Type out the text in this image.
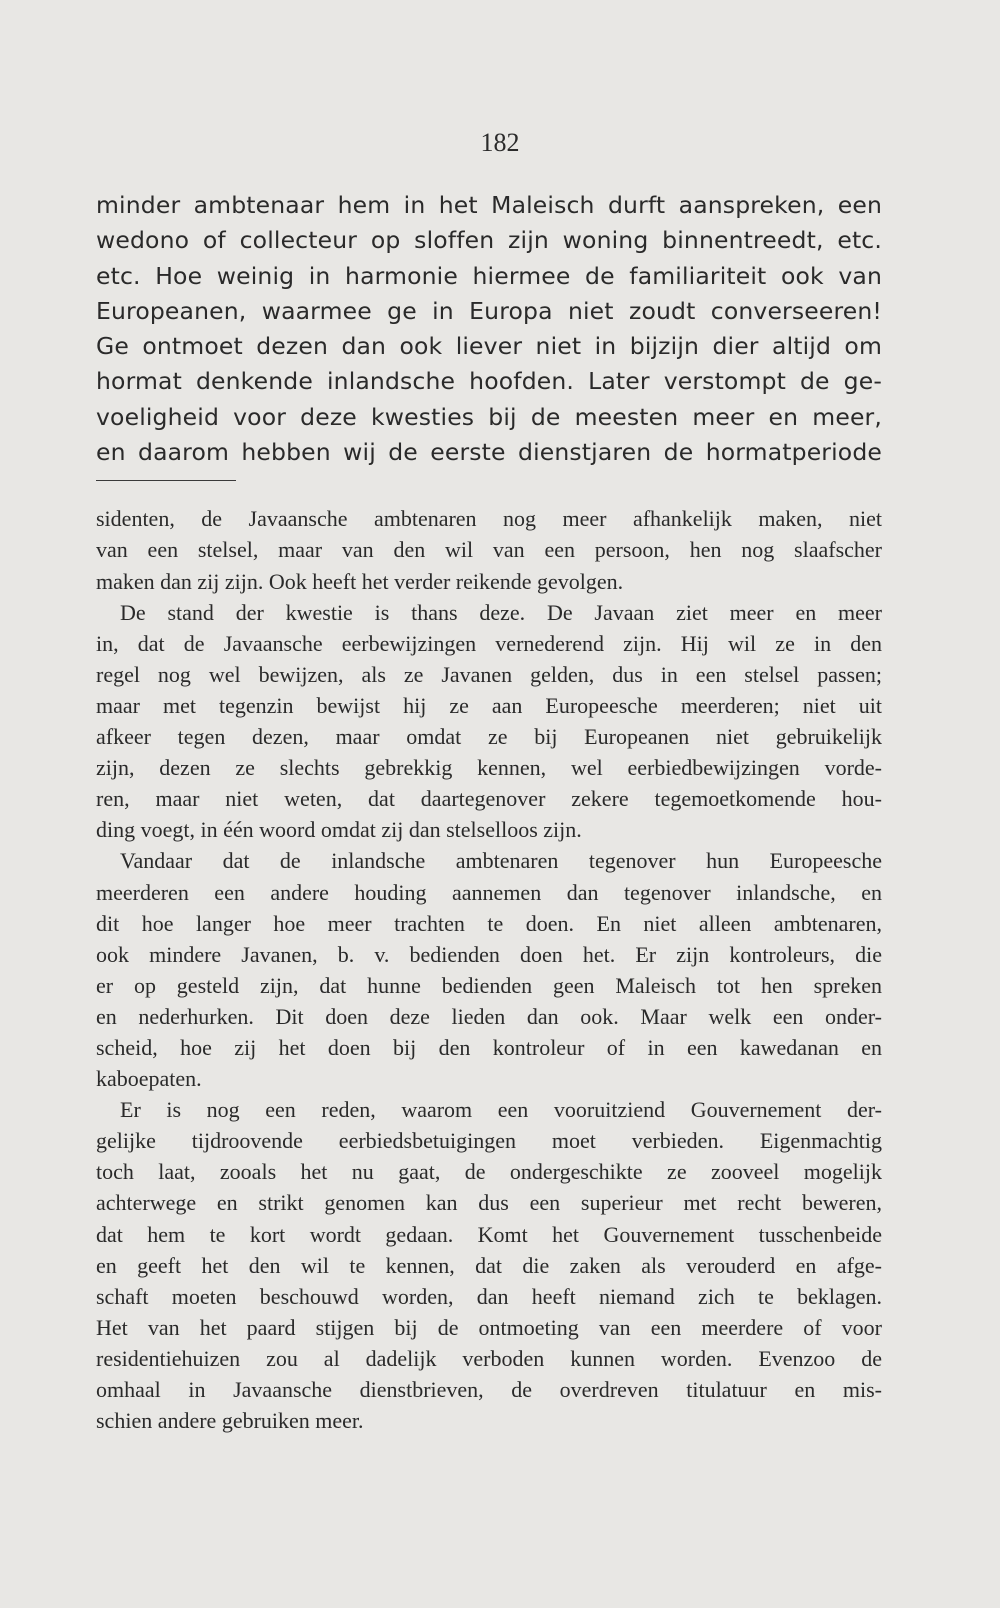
182
minder ambtenaar hem in het Maleisch durft aanspreken, een
wedono of collecteur op sloffen zijn woning binnentreedt, etc.
etc. Hoe weinig in harmonie hiermee de familiariteit ook van
Europeanen, waarmee ge in Europa niet zoudt converseeren!
Ge ontmoet dezen dan ook liever niet in bijzijn dier altijd om
hormat denkende inlandsche hoofden. Later verstompt de ge-
voeligheid voor deze kwesties bij de meesten meer en meer,
en daarom hebben wij de eerste dienstjaren de hormatperiode
sidenten, de Javaansche ambtenaren nog meer afhankelijk maken, niet
van een stelsel, maar van den wil van een persoon, hen nog slaafscher
maken dan zij zijn. Ook heeft het verder reikende gevolgen.
De stand der kwestie is thans deze. De Javaan ziet meer en meer
in, dat de Javaansche eerbewijzingen vernederend zijn. Hij wil ze in den
regel nog wel bewijzen, als ze Javanen gelden, dus in een stelsel passen;
maar met tegenzin bewijst hij ze aan Europeesche meerderen; niet uit
afkeer tegen dezen, maar omdat ze bij Europeanen niet gebruikelijk
zijn, dezen ze slechts gebrekkig kennen, wel eerbiedbewijzingen vorde-
ren, maar niet weten, dat daartegenover zekere tegemoetkomende hou-
ding voegt, in één woord omdat zij dan stelselloos zijn.
Vandaar dat de inlandsche ambtenaren tegenover hun Europeesche
meerderen een andere houding aannemen dan tegenover inlandsche, en
dit hoe langer hoe meer trachten te doen. En niet alleen ambtenaren,
ook mindere Javanen, b. v. bedienden doen het. Er zijn kontroleurs, die
er op gesteld zijn, dat hunne bedienden geen Maleisch tot hen spreken
en nederhurken. Dit doen deze lieden dan ook. Maar welk een onder-
scheid, hoe zij het doen bij den kontroleur of in een kawedanan en
kaboepaten.
Er is nog een reden, waarom een vooruitziend Gouvernement der-
gelijke tijdroovende eerbiedsbetuigingen moet verbieden. Eigenmachtig
toch laat, zooals het nu gaat, de ondergeschikte ze zooveel mogelijk
achterwege en strikt genomen kan dus een superieur met recht beweren,
dat hem te kort wordt gedaan. Komt het Gouvernement tusschenbeide
en geeft het den wil te kennen, dat die zaken als verouderd en afge-
schaft moeten beschouwd worden, dan heeft niemand zich te beklagen.
Het van het paard stijgen bij de ontmoeting van een meerdere of voor
residentiehuizen zou al dadelijk verboden kunnen worden. Evenzoo de
omhaal in Javaansche dienstbrieven, de overdreven titulatuur en mis-
schien andere gebruiken meer.
